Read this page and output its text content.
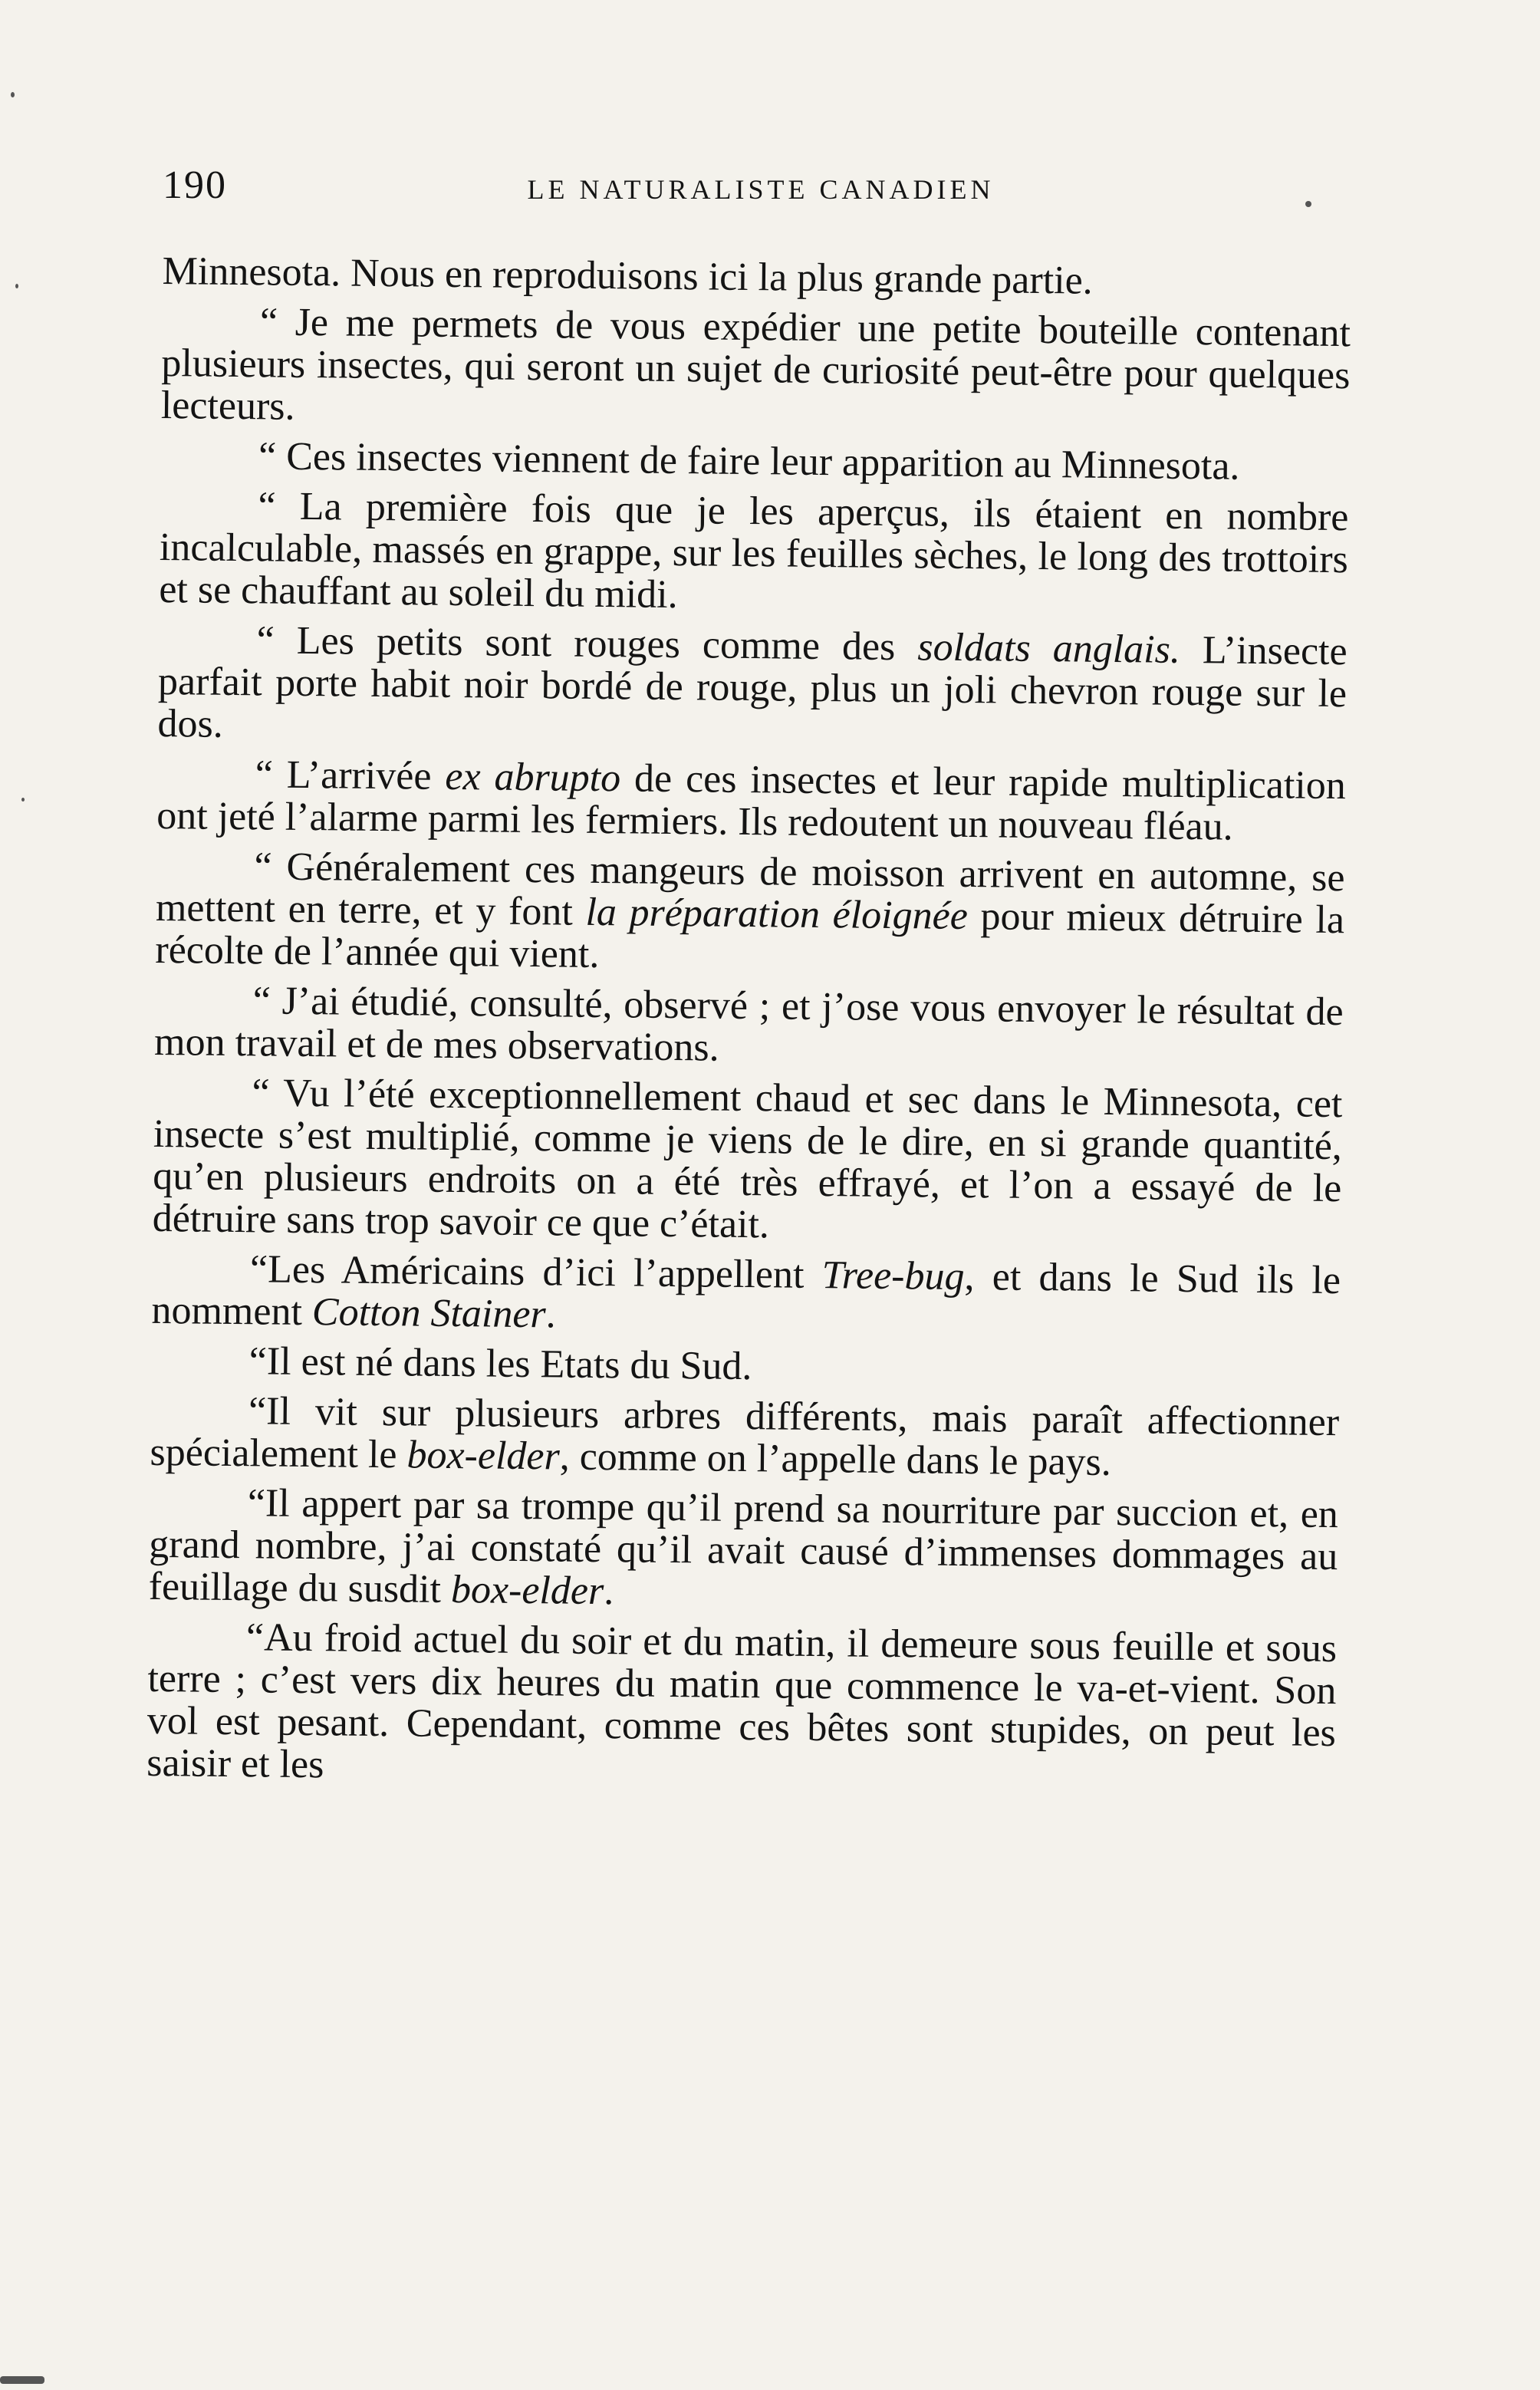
190	LE NATURALISTE CANADIEN

Minnesota. Nous en reproduisons ici la plus grande partie.

“ Je me permets de vous expédier une petite bouteille contenant plusieurs insectes, qui seront un sujet de curiosité peut-être pour quelques lecteurs.

“ Ces insectes viennent de faire leur apparition au Minnesota.

“ La première fois que je les aperçus, ils étaient en nombre incalculable, massés en grappe, sur les feuilles sèches, le long des trottoirs et se chauffant au soleil du midi.

“ Les petits sont rouges comme des soldats anglais. L’insecte parfait porte habit noir bordé de rouge, plus un joli chevron rouge sur le dos.

“ L’arrivée ex abrupto de ces insectes et leur rapide multiplication ont jeté l’alarme parmi les fermiers. Ils redoutent un nouveau fléau.

“ Généralement ces mangeurs de moisson arrivent en automne, se mettent en terre, et y font la préparation éloignée pour mieux détruire la récolte de l’année qui vient.

“ J’ai étudié, consulté, observé ; et j’ose vous envoyer le résultat de mon travail et de mes observations.

“ Vu l’été exceptionnellement chaud et sec dans le Minnesota, cet insecte s’est multiplié, comme je viens de le dire, en si grande quantité, qu’en plusieurs endroits on a été très effrayé, et l’on a essayé de le détruire sans trop savoir ce que c’était.

“Les Américains d’ici l’appellent Tree-bug, et dans le Sud ils le nomment Cotton Stainer.

“Il est né dans les Etats du Sud.

“Il vit sur plusieurs arbres différents, mais paraît affectionner spécialement le box-elder, comme on l’appelle dans le pays.

“Il appert par sa trompe qu’il prend sa nourriture par succion et, en grand nombre, j’ai constaté qu’il avait causé d’immenses dommages au feuillage du susdit box-elder.

“Au froid actuel du soir et du matin, il demeure sous feuille et sous terre ; c’est vers dix heures du matin que commence le va-et-vient. Son vol est pesant. Cependant, comme ces bêtes sont stupides, on peut les saisir et les
